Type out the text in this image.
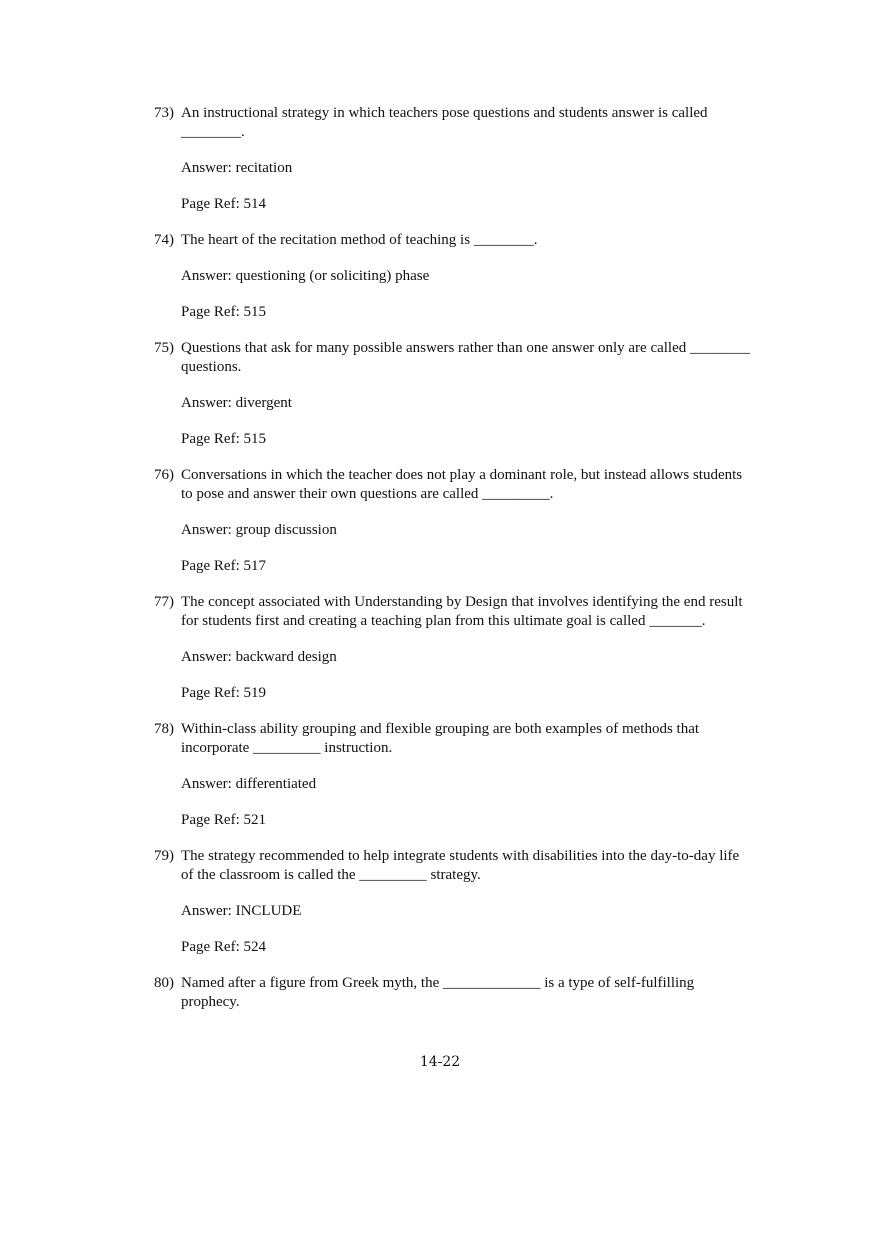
73) An instructional strategy in which teachers pose questions and students answer is called ________.
Answer: recitation
Page Ref: 514
74) The heart of the recitation method of teaching is ________.
Answer: questioning (or soliciting) phase
Page Ref: 515
75) Questions that ask for many possible answers rather than one answer only are called ________ questions.
Answer: divergent
Page Ref: 515
76) Conversations in which the teacher does not play a dominant role, but instead allows students to pose and answer their own questions are called _________.
Answer: group discussion
Page Ref: 517
77) The concept associated with Understanding by Design that involves identifying the end result for students first and creating a teaching plan from this ultimate goal is called _______.
Answer: backward design
Page Ref: 519
78) Within-class ability grouping and flexible grouping are both examples of methods that incorporate _________ instruction.
Answer: differentiated
Page Ref: 521
79) The strategy recommended to help integrate students with disabilities into the day-to-day life of the classroom is called the _________ strategy.
Answer: INCLUDE
Page Ref: 524
80) Named after a figure from Greek myth, the _____________ is a type of self-fulfilling prophecy.
14-22
